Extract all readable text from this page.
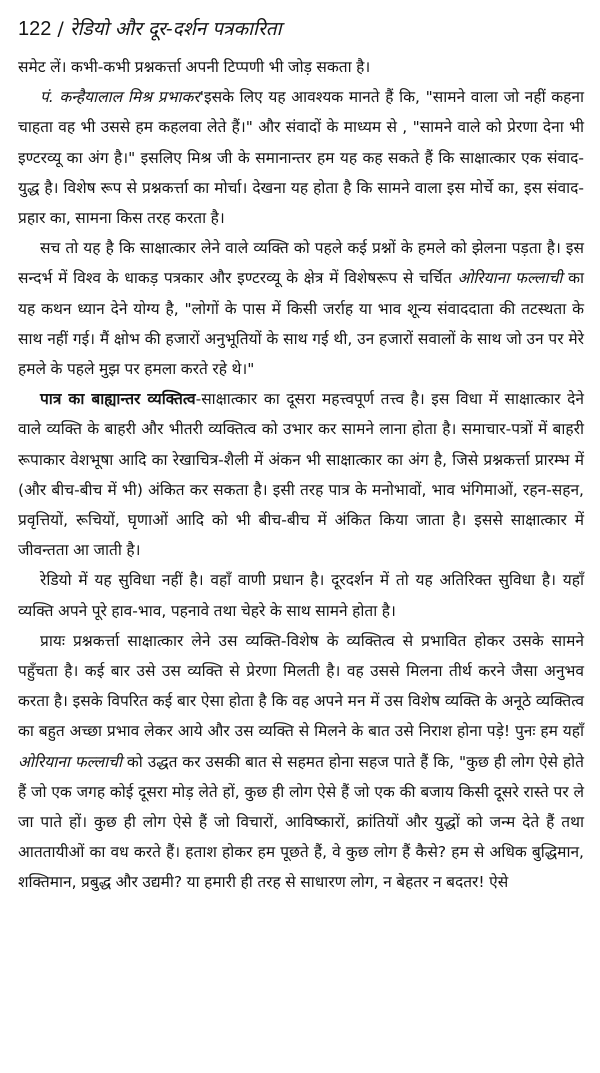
122 / रेडियो और दूर-दर्शन पत्रकारिता

समेट लें। कभी-कभी प्रश्नकर्त्ता अपनी टिप्पणी भी जोड़ सकता है।

पं. कन्हैयालाल मिश्र प्रभाकर'इसके लिए यह आवश्यक मानते हैं कि, "सामने वाला जो नहीं कहना चाहता वह भी उससे हम कहलवा लेते हैं।" और संवादों के माध्यम से , "सामने वाले को प्रेरणा देना भी इण्टरव्यू का अंग है।" इसलिए मिश्र जी के समानान्तर हम यह कह सकते हैं कि साक्षात्कार एक संवाद-युद्ध है। विशेष रूप से प्रश्नकर्त्ता का मोर्चा। देखना यह होता है कि सामने वाला इस मोर्चे का, इस संवाद-प्रहार का, सामना किस तरह करता है।

सच तो यह है कि साक्षात्कार लेने वाले व्यक्ति को पहले कई प्रश्नों के हमले को झेलना पड़ता है। इस सन्दर्भ में विश्व के धाकड़ पत्रकार और इण्टरव्यू के क्षेत्र में विशेषरूप से चर्चित ओरियाना फल्लाची का यह कथन ध्यान देने योग्य है, "लोगों के पास में किसी जर्राह या भाव शून्य संवाददाता की तटस्थता के साथ नहीं गई। मैं क्षोभ की हजारों अनुभूतियों के साथ गई थी, उन हजारों सवालों के साथ जो उन पर मेरे हमले के पहले मुझ पर हमला करते रहे थे।"

पात्र का बाह्यान्तर व्यक्तित्व-साक्षात्कार का दूसरा महत्त्वपूर्ण तत्त्व है। इस विधा में साक्षात्कार देने वाले व्यक्ति के बाहरी और भीतरी व्यक्तित्व को उभार कर सामने लाना होता है। समाचार-पत्रों में बाहरी रूपाकार वेशभूषा आदि का रेखाचित्र-शैली में अंकन भी साक्षात्कार का अंग है, जिसे प्रश्नकर्त्ता प्रारम्भ में (और बीच-बीच में भी) अंकित कर सकता है। इसी तरह पात्र के मनोभावों, भाव भंगिमाओं, रहन-सहन, प्रवृत्तियों, रूचियों, घृणाओं आदि को भी बीच-बीच में अंकित किया जाता है। इससे साक्षात्कार में जीवन्तता आ जाती है।

रेडियो में यह सुविधा नहीं है। वहाँ वाणी प्रधान है। दूरदर्शन में तो यह अतिरिक्त सुविधा है। यहाँ व्यक्ति अपने पूरे हाव-भाव, पहनावे तथा चेहरे के साथ सामने होता है।

प्रायः प्रश्नकर्त्ता साक्षात्कार लेने उस व्यक्ति-विशेष के व्यक्तित्व से प्रभावित होकर उसके सामने पहुँचता है। कई बार उसे उस व्यक्ति से प्रेरणा मिलती है। वह उससे मिलना तीर्थ करने जैसा अनुभव करता है। इसके विपरित कई बार ऐसा होता है कि वह अपने मन में उस विशेष व्यक्ति के अनूठे व्यक्तित्व का बहुत अच्छा प्रभाव लेकर आये और उस व्यक्ति से मिलने के बात उसे निराश होना पड़े! पुनः हम यहाँ ओरियाना फल्लाची को उद्धत कर उसकी बात से सहमत होना सहज पाते हैं कि, "कुछ ही लोग ऐसे होते हैं जो एक जगह कोई दूसरा मोड़ लेते हों, कुछ ही लोग ऐसे हैं जो एक की बजाय किसी दूसरे रास्ते पर ले जा पाते हों। कुछ ही लोग ऐसे हैं जो विचारों, आविष्कारों, क्रांतियों और युद्धों को जन्म देते हैं तथा आततायीओं का वध करते हैं। हताश होकर हम पूछते हैं, वे कुछ लोग हैं कैसे? हम से अधिक बुद्धिमान, शक्तिमान, प्रबुद्ध और उद्यमी? या हमारी ही तरह से साधारण लोग, न बेहतर न बदतर! ऐसे
